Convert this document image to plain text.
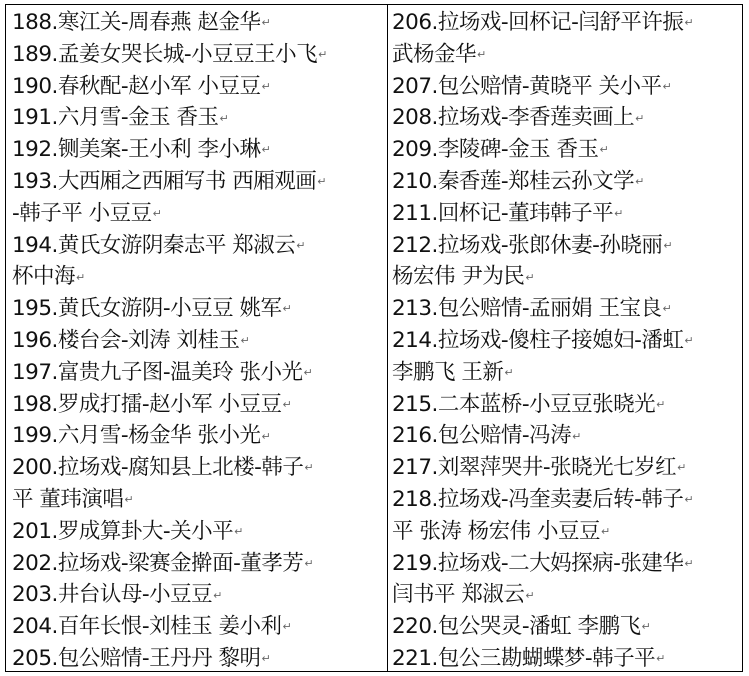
188.寒江关-周春燕 赵金华↵
189.孟姜女哭长城-小豆豆王小飞↵
190.春秋配-赵小军 小豆豆↵
191.六月雪-金玉 香玉↵
192.铡美案-王小利 李小琳↵
193.大西厢之西厢写书 西厢观画↵
-韩子平 小豆豆↵
194.黄氏女游阴秦志平 郑淑云↵
杯中海↵
195.黄氏女游阴-小豆豆 姚军↵
196.楼台会-刘涛 刘桂玉↵
197.富贵九子图-温美玲 张小光↵
198.罗成打擂-赵小军 小豆豆↵
199.六月雪-杨金华 张小光↵
200.拉场戏-腐知县上北楼-韩子↵
平 董玮演唱↵
201.罗成算卦大-关小平↵
202.拉场戏-梁赛金擀面-董孝芳↵
203.井台认母-小豆豆↵
204.百年长恨-刘桂玉 姜小利↵
205.包公赔情-王丹丹 黎明↵
206.拉场戏-回杯记-闫舒平许振↵
武杨金华↵
207.包公赔情-黄晓平 关小平↵
208.拉场戏-李香莲卖画上↵
209.李陵碑-金玉 香玉↵
210.秦香莲-郑桂云孙文学↵
211.回杯记-董玮韩子平↵
212.拉场戏-张郎休妻-孙晓丽↵
杨宏伟 尹为民↵
213.包公赔情-孟丽娟 王宝良↵
214.拉场戏-傻柱子接媳妇-潘虹↵
李鹏飞 王新↵
215.二本蓝桥-小豆豆张晓光↵
216.包公赔情-冯涛↵
217.刘翠萍哭井-张晓光七岁红↵
218.拉场戏-冯奎卖妻后转-韩子↵
平 张涛 杨宏伟 小豆豆↵
219.拉场戏-二大妈探病-张建华↵
闫书平 郑淑云↵
220.包公哭灵-潘虹 李鹏飞↵
221.包公三勘蝴蝶梦-韩子平↵
